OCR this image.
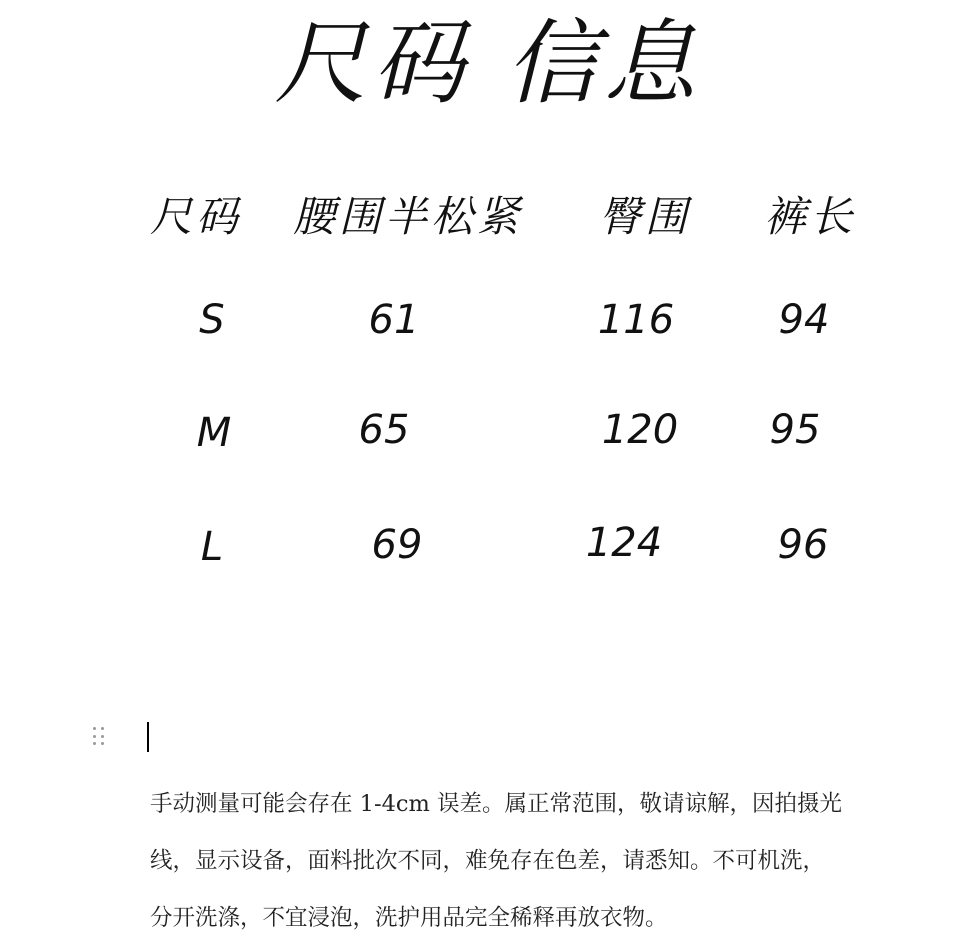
尺码 信息
尺码 腰围半松紧 臀围 裤长
S	61	116	94
M	65	120 95
L	69	124	96
手动测量可能会存在 1-4cm 误差。属正常范围，敬请谅解，因拍摄光
线，显示设备，面料批次不同，难免存在色差，请悉知。不可机洗，
分开洗涤，不宜浸泡，洗护用品完全稀释再放衣物。
